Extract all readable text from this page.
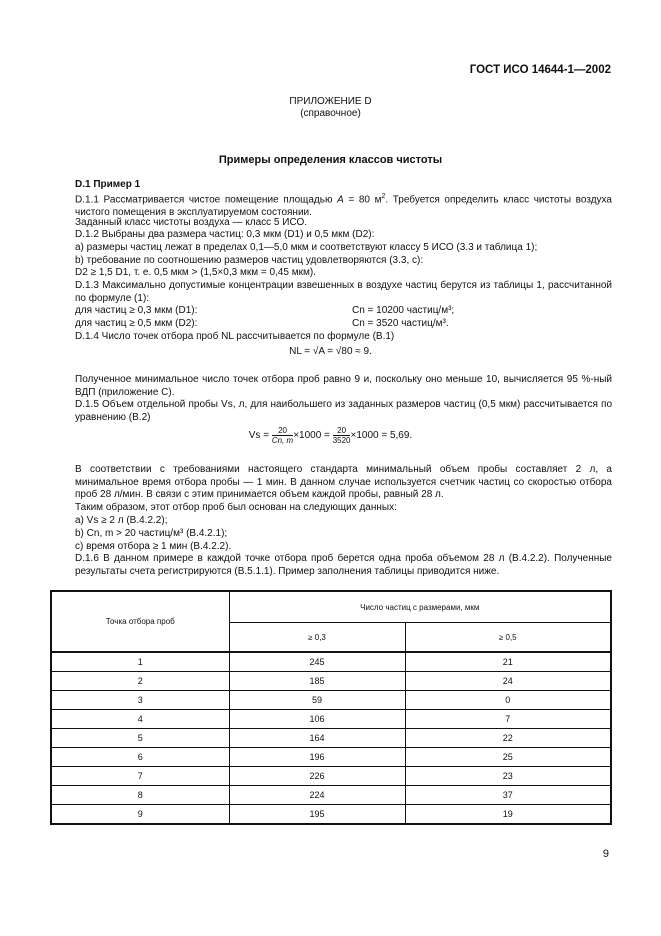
ГОСТ ИСО 14644-1—2002
ПРИЛОЖЕНИЕ D
(справочное)
Примеры определения классов чистоты
D.1 Пример 1
D.1.1 Рассматривается чистое помещение площадью A = 80 $м^2$. Требуется определить класс чистоты воздуха чистого помещения в эксплуатируемом состоянии.
Заданный класс чистоты воздуха — класс 5 ИСО.
D.1.2 Выбраны два размера частиц: 0,3 мкм (D1) и 0,5 мкм (D2):
а) размеры частиц лежат в пределах 0,1—5,0 мкм и соответствуют классу 5 ИСО (3.3 и таблица 1);
b) требование по соотношению размеров частиц удовлетворяются (3.3, с):
D2 ≥ 1,5 D1, т. е. 0,5 мкм > (1,5×0,3 мкм = 0,45 мкм).
D.1.3 Максимально допустимые концентрации взвешенных в воздухе частиц берутся из таблицы 1, рассчитанной по формуле (1):
для частиц ≥ 0,3 мкм (D1):	Cn = 10200 частиц/м³;
для частиц ≥ 0,5 мкм (D2):	Cn = 3520 частиц/м³.
D.1.4 Число точек отбора проб NL рассчитывается по формуле (В.1)
NL = √A = √80 ≈ 9.
Полученное минимальное число точек отбора проб равно 9 и, поскольку оно меньше 10, вычисляется 95 %-ный ВДП (приложение С).
D.1.5 Объем отдельной пробы Vs, л, для наибольшего из заданных размеров частиц (0,5 мкм) рассчитывается по уравнению (В.2)
$Vs = \frac{20}{Cn, m} \times 1000 = \frac{20}{3520} \times 1000 = 5,69$.
В соответствии с требованиями настоящего стандарта минимальный объем пробы составляет 2 л, а минимальное время отбора пробы — 1 мин. В данном случае используется счетчик частиц со скоростью отбора проб 28 л/мин. В связи с этим принимается объем каждой пробы, равный 28 л.
Таким образом, этот отбор проб был основан на следующих данных:
а) Vs ≥ 2 л (В.4.2.2);
b) Cn, m > 20 частиц/м³ (В.4.2.1);
с) время отбора ≥ 1 мин (В.4.2.2).
D.1.6 В данном примере в каждой точке отбора проб берется одна проба объемом 28 л (В.4.2.2). Полученные результаты счета регистрируются (В.5.1.1). Пример заполнения таблицы приводится ниже.
Точка отбора проб	Число частиц с размерами, мкм	
	≥ 0,3	≥ 0,5
1	245	21
2	185	24
3	59	0
4	106	7
5	164	22
6	196	25
7	226	23
8	224	37
9	195	19
9
